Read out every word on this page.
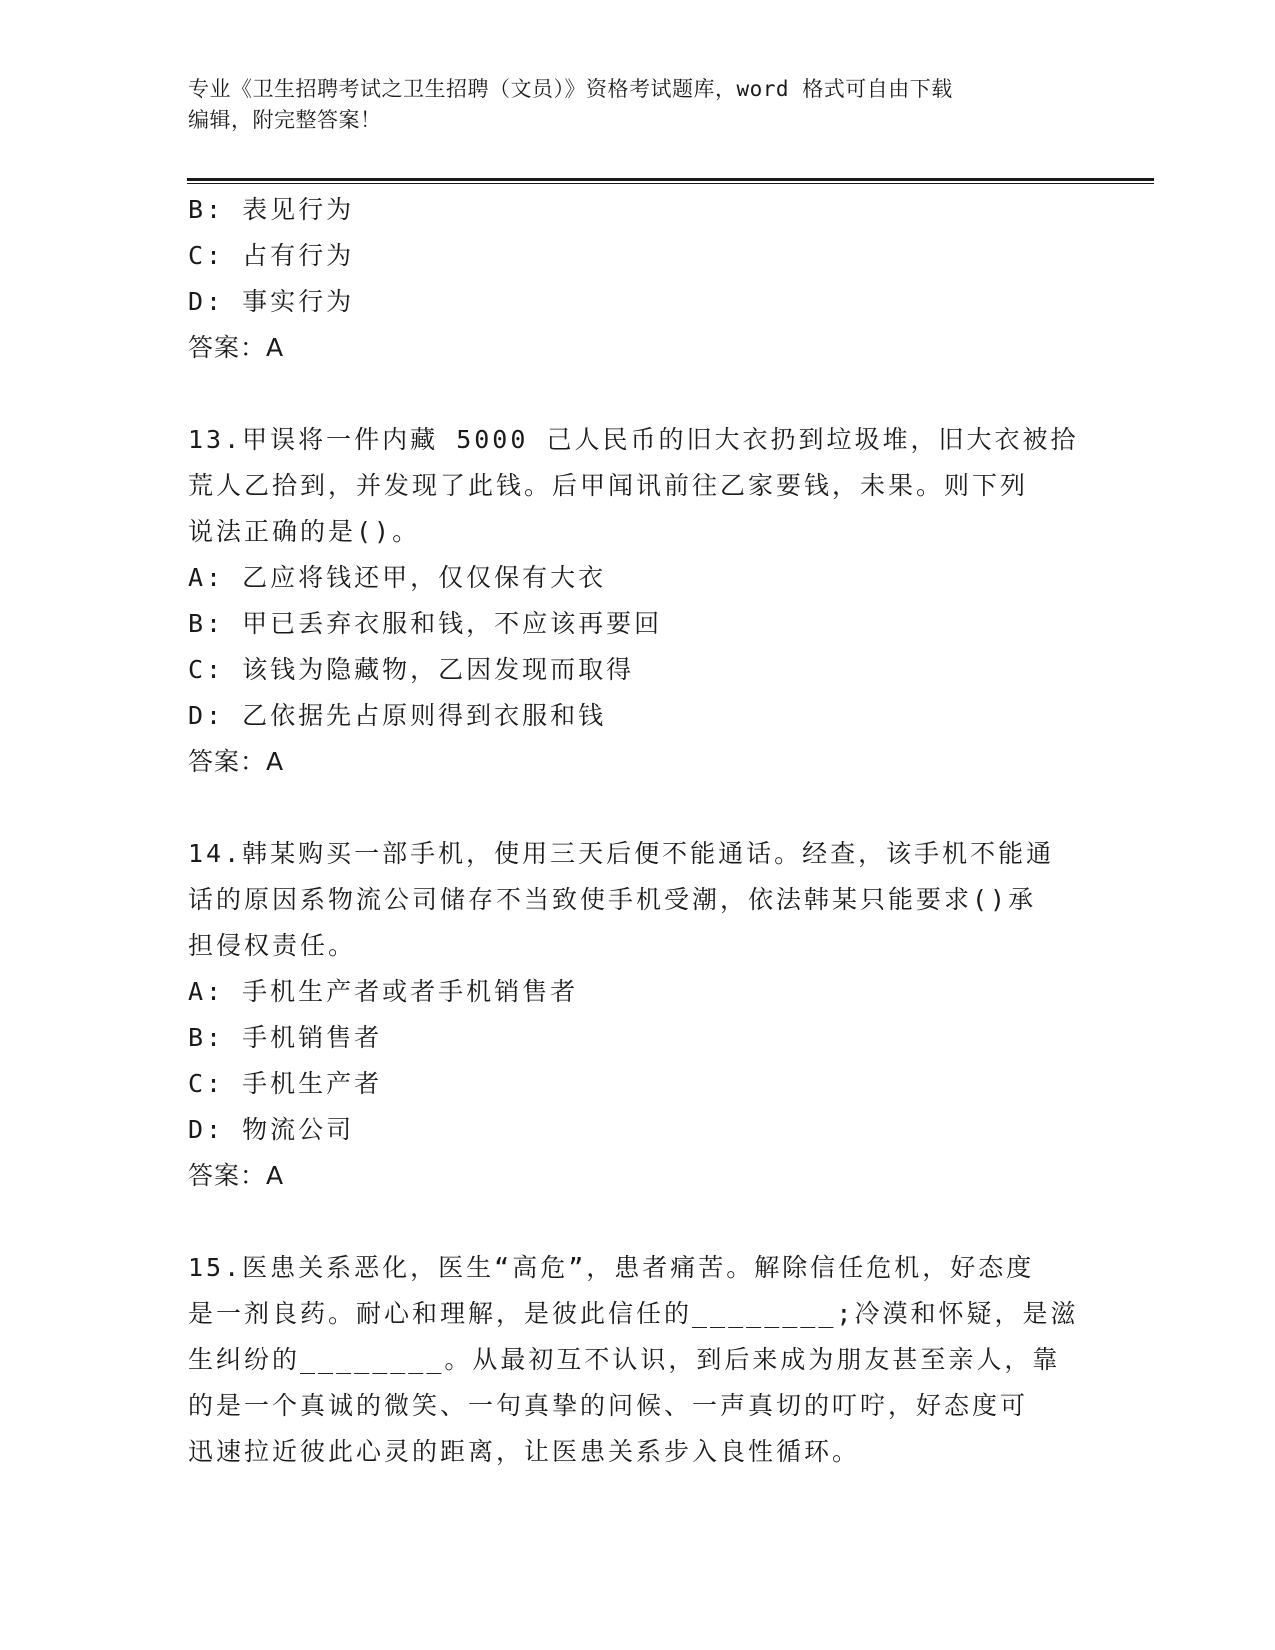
专业《卫生招聘考试之卫生招聘（文员）》资格考试题库，word 格式可自由下载
编辑，附完整答案！
B: 表见行为
C: 占有行为
D: 事实行为
答案：A
13.甲误将一件内藏 5000 己人民币的旧大衣扔到垃圾堆，旧大衣被拾
荒人乙拾到，并发现了此钱。后甲闻讯前往乙家要钱，未果。则下列
说法正确的是()。
A: 乙应将钱还甲，仅仅保有大衣
B: 甲已丢弃衣服和钱，不应该再要回
C: 该钱为隐藏物，乙因发现而取得
D: 乙依据先占原则得到衣服和钱
答案：A
14.韩某购买一部手机，使用三天后便不能通话。经查，该手机不能通
话的原因系物流公司储存不当致使手机受潮，依法韩某只能要求()承
担侵权责任。
A: 手机生产者或者手机销售者
B: 手机销售者
C: 手机生产者
D: 物流公司
答案：A
15.医患关系恶化，医生“高危”，患者痛苦。解除信任危机，好态度
是一剂良药。耐心和理解，是彼此信任的________;冷漠和怀疑，是滋
生纠纷的________。从最初互不认识，到后来成为朋友甚至亲人，靠
的是一个真诚的微笑、一句真挚的问候、一声真切的叮咛，好态度可
迅速拉近彼此心灵的距离，让医患关系步入良性循环。
